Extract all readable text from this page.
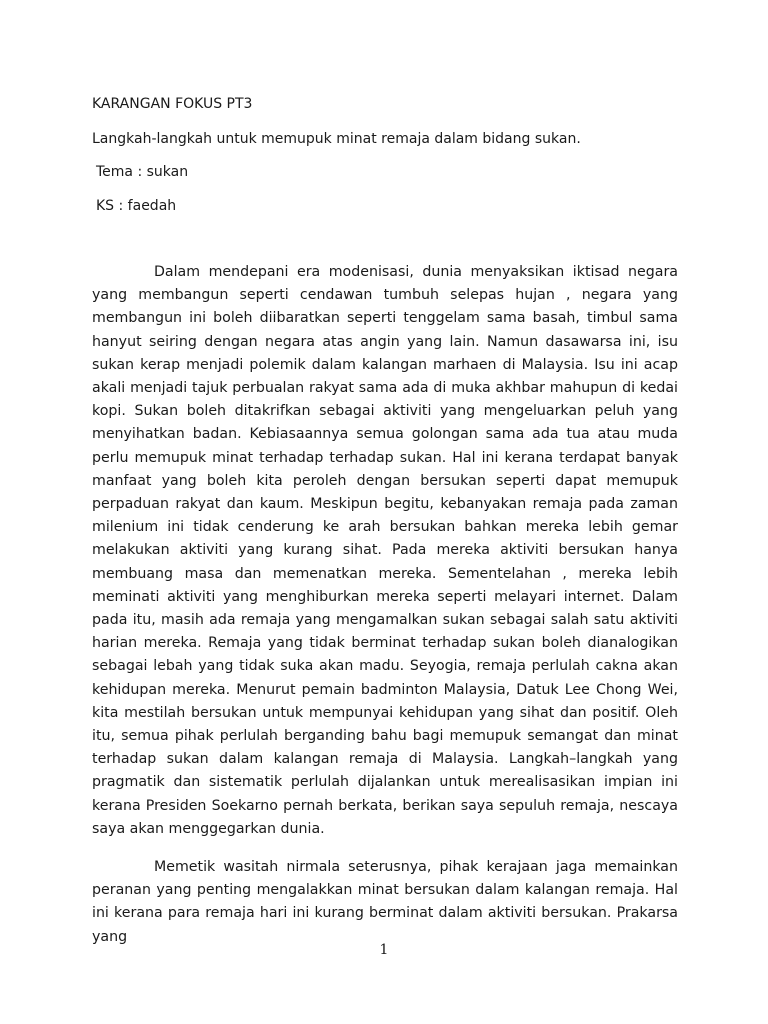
KARANGAN FOKUS PT3
Langkah-langkah untuk memupuk minat remaja dalam bidang sukan.
Tema : sukan
KS : faedah

Dalam mendepani era modenisasi, dunia menyaksikan iktisad negara yang membangun seperti cendawan tumbuh selepas hujan , negara yang membangun ini boleh diibaratkan seperti tenggelam sama basah, timbul sama hanyut seiring dengan negara atas angin yang lain. Namun dasawarsa ini, isu sukan kerap menjadi polemik dalam kalangan marhaen di Malaysia. Isu ini acap akali menjadi tajuk perbualan rakyat sama ada di muka akhbar mahupun di kedai kopi. Sukan boleh ditakrifkan sebagai aktiviti yang mengeluarkan peluh yang menyihatkan badan. Kebiasaannya semua golongan sama ada tua atau muda perlu memupuk minat terhadap terhadap sukan. Hal ini kerana terdapat banyak manfaat yang boleh kita peroleh dengan bersukan seperti dapat memupuk perpaduan rakyat dan kaum. Meskipun begitu, kebanyakan remaja pada zaman milenium ini tidak cenderung ke arah bersukan bahkan mereka lebih gemar melakukan aktiviti yang kurang sihat. Pada mereka aktiviti bersukan hanya membuang masa dan memenatkan mereka. Sementelahan , mereka lebih meminati aktiviti yang menghiburkan mereka seperti melayari internet. Dalam pada itu, masih ada remaja yang mengamalkan sukan sebagai salah satu aktiviti harian mereka. Remaja yang tidak berminat terhadap sukan boleh dianalogikan sebagai lebah yang tidak suka akan madu. Seyogia, remaja perlulah cakna akan kehidupan mereka. Menurut pemain badminton Malaysia, Datuk Lee Chong Wei, kita mestilah bersukan untuk mempunyai kehidupan yang sihat dan positif. Oleh itu, semua pihak perlulah berganding bahu bagi memupuk semangat dan minat terhadap sukan dalam kalangan remaja di Malaysia. Langkah–langkah yang pragmatik dan sistematik perlulah dijalankan untuk merealisasikan impian ini kerana Presiden Soekarno pernah berkata, berikan saya sepuluh remaja, nescaya saya akan menggegarkan dunia.

Memetik wasitah nirmala seterusnya, pihak kerajaan jaga memainkan peranan yang penting mengalakkan minat bersukan dalam kalangan remaja. Hal ini kerana para remaja hari ini kurang berminat dalam aktiviti bersukan. Prakarsa yang

1
